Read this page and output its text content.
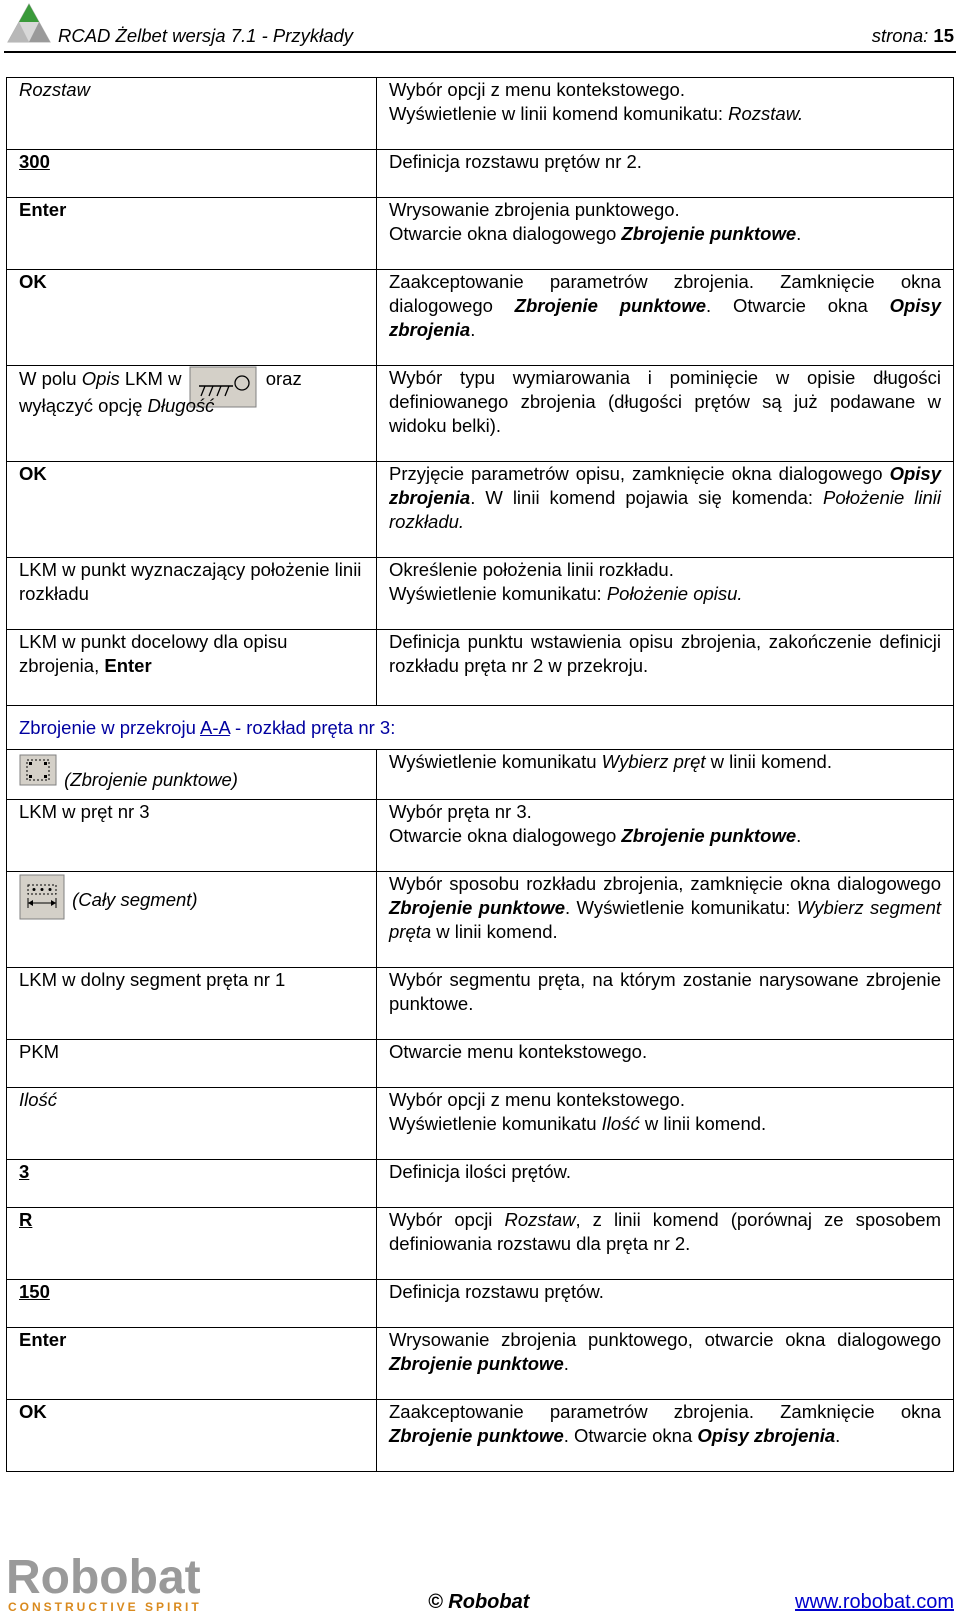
RCAD Żelbet wersja 7.1 - Przykłady	strona: 15
Rozstaw	Wybór opcji z menu kontekstowego.
Wyświetlenie w linii komend komunikatu: Rozstaw.
300	Definicja rozstawu prętów nr 2.
Enter	Wrysowanie zbrojenia punktowego.
Otwarcie okna dialogowego Zbrojenie punktowe.
OK	Zaakceptowanie parametrów zbrojenia. Zamknięcie okna dialogowego Zbrojenie punktowe. Otwarcie okna Opisy zbrojenia.
W polu Opis LKM w oraz
wyłączyć opcję Długość	Wybór typu wymiarowania i pominięcie w opisie długości definiowanego zbrojenia (długości prętów są już podawane w widoku belki).
OK	Przyjęcie parametrów opisu, zamknięcie okna dialogowego Opisy zbrojenia. W linii komend pojawia się komenda: Położenie linii rozkładu.
LKM w punkt wyznaczający położenie linii rozkładu	Określenie położenia linii rozkładu.
Wyświetlenie komunikatu: Położenie opisu.
LKM w punkt docelowy dla opisu zbrojenia, Enter	Definicja punktu wstawienia opisu zbrojenia, zakończenie definicji rozkładu pręta nr 2 w przekroju.
Zbrojenie w przekroju A-A - rozkład pręta nr 3:	
(Zbrojenie punktowe)	Wyświetlenie komunikatu Wybierz pręt w linii komend.
LKM w pręt nr 3	Wybór pręta nr 3.
Otwarcie okna dialogowego Zbrojenie punktowe.
(Cały segment)	Wybór sposobu rozkładu zbrojenia, zamknięcie okna dialogowego Zbrojenie punktowe. Wyświetlenie komunikatu: Wybierz segment pręta w linii komend.
LKM w dolny segment pręta nr 1	Wybór segmentu pręta, na którym zostanie narysowane zbrojenie punktowe.
PKM	Otwarcie menu kontekstowego.
Ilość	Wybór opcji z menu kontekstowego.
Wyświetlenie komunikatu Ilość w linii komend.
3	Definicja ilości prętów.
R	Wybór opcji Rozstaw, z linii komend (porównaj ze sposobem definiowania rozstawu dla pręta nr 2.
150	Definicja rozstawu prętów.
Enter	Wrysowanie zbrojenia punktowego, otwarcie okna dialogowego Zbrojenie punktowe.
OK	Zaakceptowanie parametrów zbrojenia. Zamknięcie okna Zbrojenie punktowe. Otwarcie okna Opisy zbrojenia.
Robobat
CONSTRUCTIVE SPIRIT	© Robobat	www.robobat.com
